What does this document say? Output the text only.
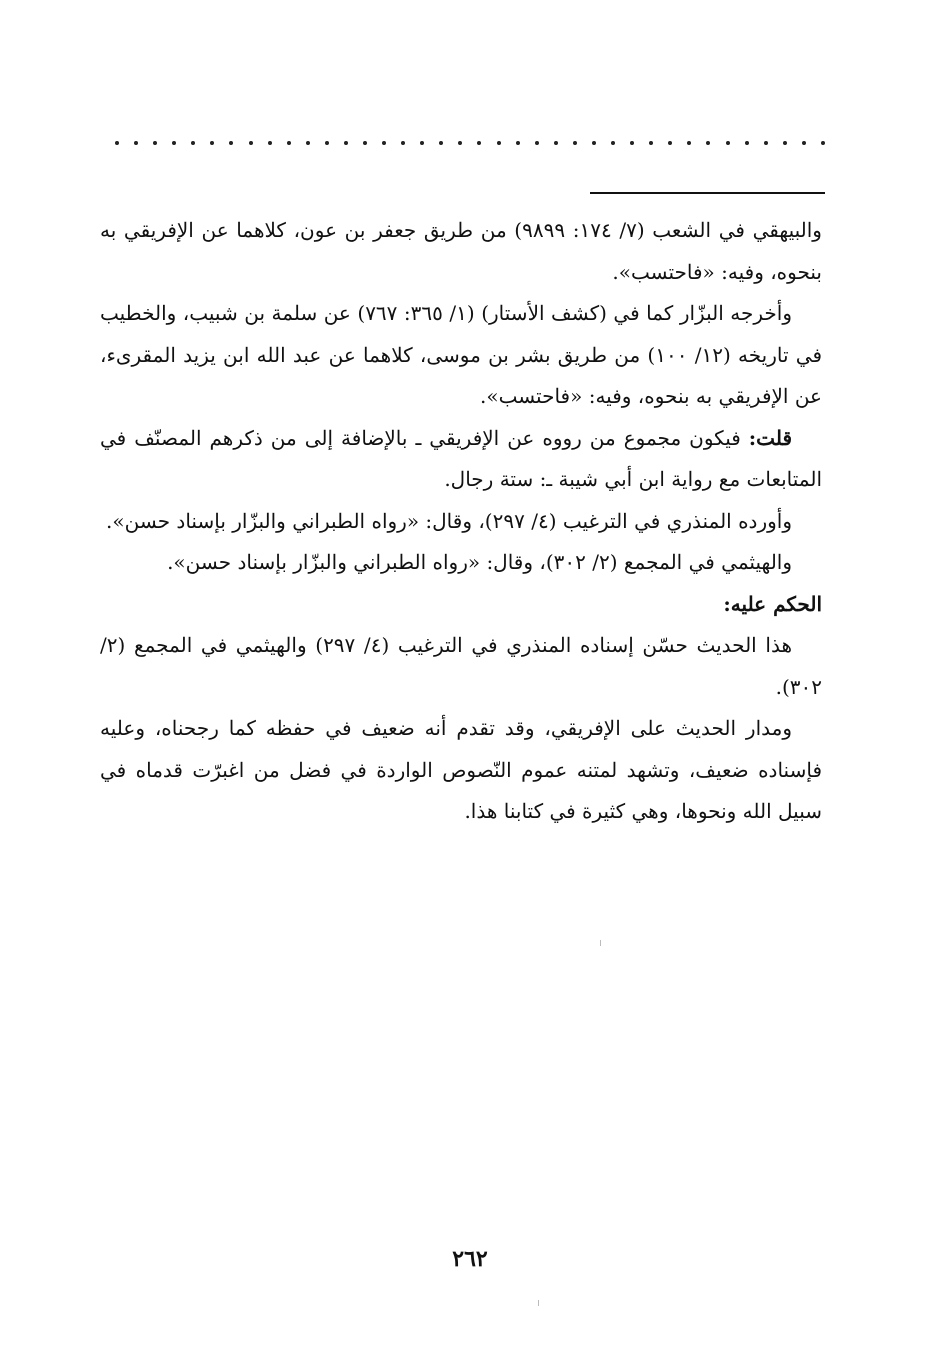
والبيهقي في الشعب (٧/ ١٧٤: ٩٨٩٩) من طريق جعفر بن عون، كلاهما عن الإفريقي به بنحوه، وفيه: «فاحتسب».

وأخرجه البزّار كما في (كشف الأستار) (١/ ٣٦٥: ٧٦٧) عن سلمة بن شبيب، والخطيب في تاريخه (١٢/ ١٠٠) من طريق بشر بن موسى، كلاهما عن عبد الله ابن يزيد المقرىء، عن الإفريقي به بنحوه، وفيه: «فاحتسب».

قلت: فيكون مجموع من رووه عن الإفريقي ـ بالإضافة إلى من ذكرهم المصنّف في المتابعات مع رواية ابن أبي شيبة ـ: ستة رجال.

وأورده المنذري في الترغيب (٤/ ٢٩٧)، وقال: «رواه الطبراني والبزّار بإسناد حسن».

والهيثمي في المجمع (٢/ ٣٠٢)، وقال: «رواه الطبراني والبزّار بإسناد حسن».

الحكم عليه:

هذا الحديث حسّن إسناده المنذري في الترغيب (٤/ ٢٩٧) والهيثمي في المجمع (٢/ ٣٠٢).

ومدار الحديث على الإفريقي، وقد تقدم أنه ضعيف في حفظه كما رجحناه، وعليه فإسناده ضعيف، وتشهد لمتنه عموم النّصوص الواردة في فضل من اغبرّت قدماه في سبيل الله ونحوها، وهي كثيرة في كتابنا هذا.

٢٦٢
